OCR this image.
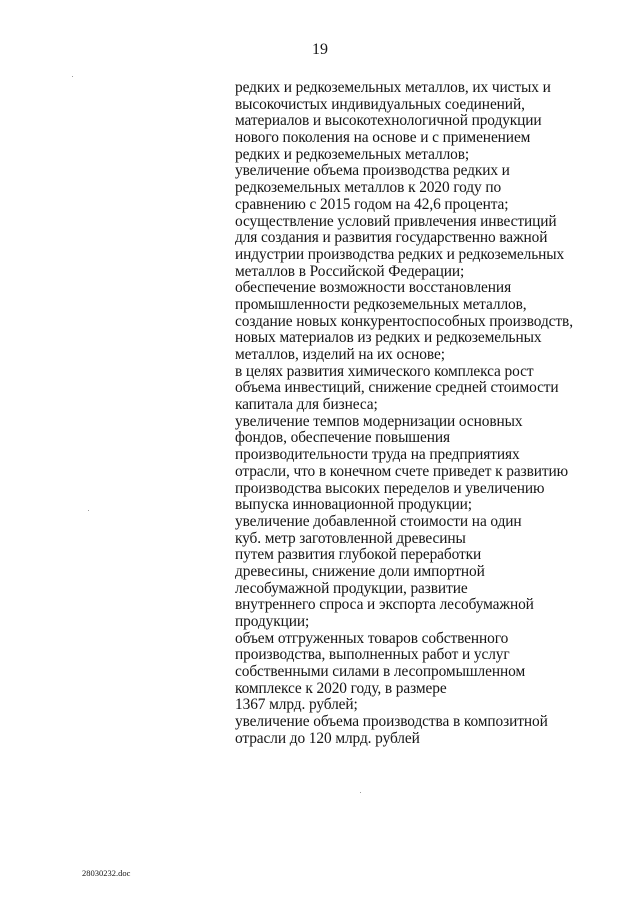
19
редких и редкоземельных металлов, их чистых и
высокочистых индивидуальных соединений,
материалов и высокотехнологичной продукции
нового поколения на основе и с применением
редких и редкоземельных металлов;
увеличение объема производства редких и
редкоземельных металлов к 2020 году по
сравнению с 2015 годом на 42,6 процента;
осуществление условий привлечения инвестиций
для создания и развития государственно важной
индустрии производства редких и редкоземельных
металлов в Российской Федерации;
обеспечение возможности восстановления
промышленности редкоземельных металлов,
создание новых конкурентоспособных производств,
новых материалов из редких и редкоземельных
металлов, изделий на их основе;
в целях развития химического комплекса рост
объема инвестиций, снижение средней стоимости
капитала для бизнеса;
увеличение темпов модернизации основных
фондов, обеспечение повышения
производительности труда на предприятиях
отрасли, что в конечном счете приведет к развитию
производства высоких переделов и увеличению
выпуска инновационной продукции;
увеличение добавленной стоимости на один
куб. метр заготовленной древесины
путем развития глубокой переработки
древесины, снижение доли импортной
лесобумажной продукции, развитие
внутреннего спроса и экспорта лесобумажной
продукции;
объем отгруженных товаров собственного
производства, выполненных работ и услуг
собственными силами в лесопромышленном
комплексе к 2020 году, в размере
1367 млрд. рублей;
увеличение объема производства в композитной
отрасли до 120 млрд. рублей
28030232.doc
